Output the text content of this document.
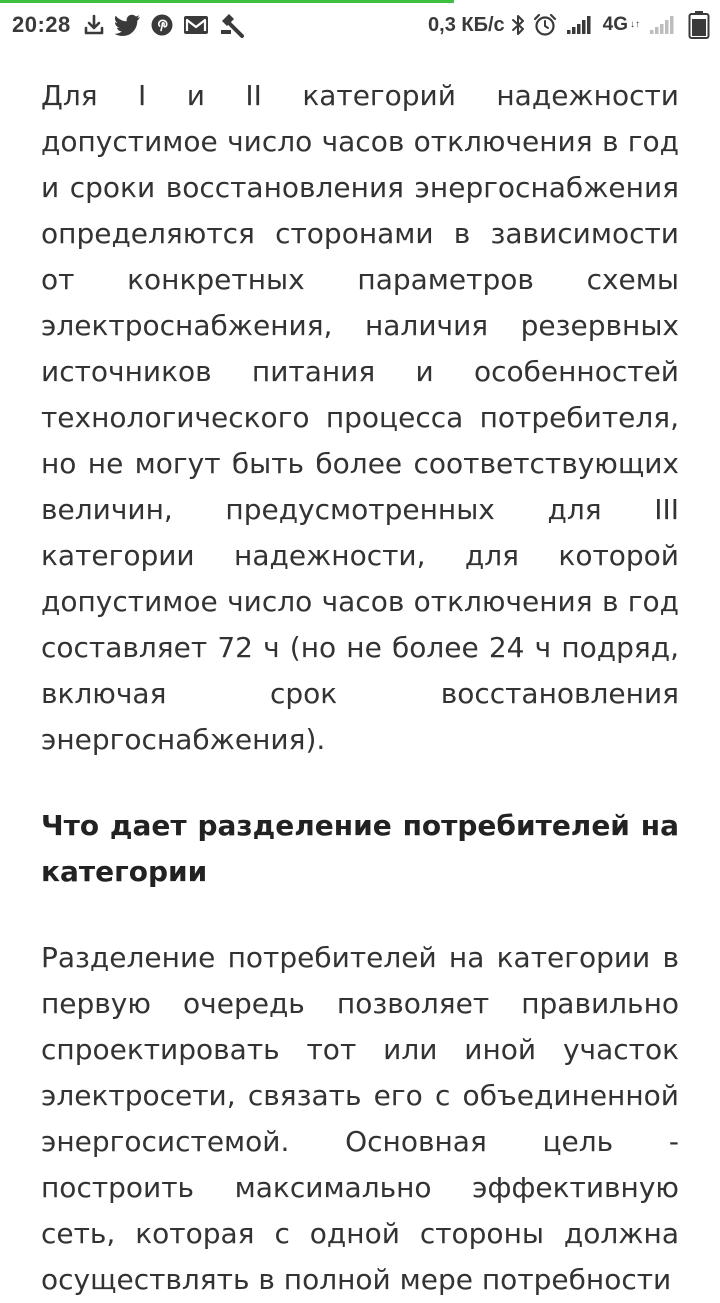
20:28	0,3 КБ/с	4G ↓↑

Для I и II категорий надежности допустимое число часов отключения в год и сроки восстановления энергоснабжения определяются сторонами в зависимости от конкретных параметров схемы электроснабжения, наличия резервных источников питания и особенностей технологического процесса потребителя, но не могут быть более соответствующих величин, предусмотренных для III категории надежности, для которой допустимое число часов отключения в год составляет 72 ч (но не более 24 ч подряд, включая срок восстановления энергоснабжения).

Что дает разделение потребителей на категории

Разделение потребителей на категории в первую очередь позволяет правильно спроектировать тот или иной участок электросети, связать его с объединенной энергосистемой. Основная цель - построить максимально эффективную сеть, которая с одной стороны должна осуществлять в полной мере потребности
